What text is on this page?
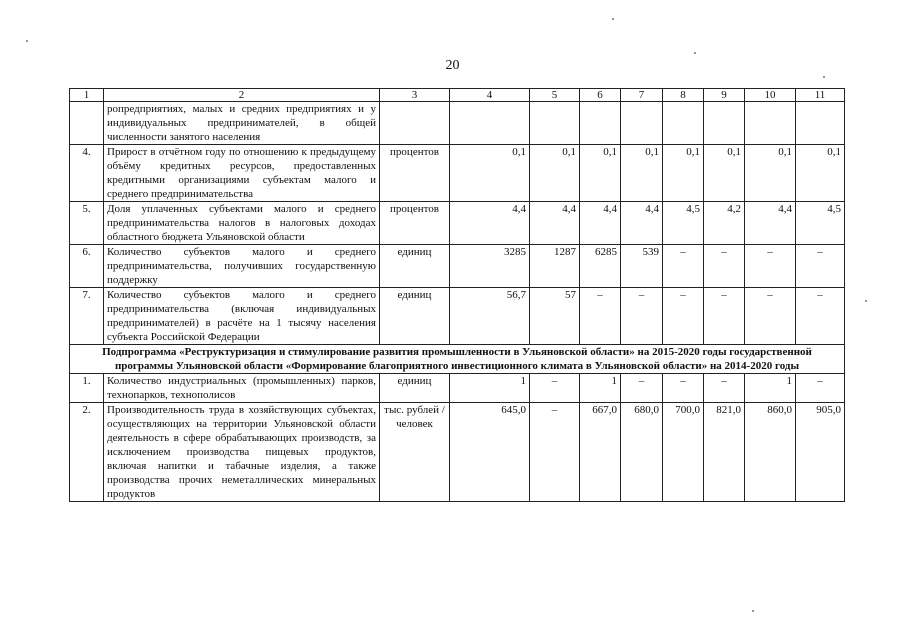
20
1	2	3	4	5	6	7	8	9	10	11
	ропредприятиях, малых и средних предприятиях и у индивидуальных предпринимателей, в общей численности занятого населения									
4.	Прирост в отчётном году по отношению к предыдущему объёму кредитных ресурсов, предоставленных кредитными организациями субъектам малого и среднего предпринимательства	процентов	0,1	0,1	0,1	0,1	0,1	0,1	0,1	0,1
5.	Доля уплаченных субъектами малого и среднего предпринимательства налогов в налоговых доходах областного бюджета Ульяновской области	процентов	4,4	4,4	4,4	4,4	4,5	4,2	4,4	4,5
6.	Количество субъектов малого и среднего предпринимательства, получивших государственную поддержку	единиц	3285	1287	6285	539	–	–	–	–
7.	Количество субъектов малого и среднего предпринимательства (включая индивидуальных предпринимателей) в расчёте на 1 тысячу населения субъекта Российской Федерации	единиц	56,7	57	–	–	–	–	–	–
Подпрограмма «Реструктуризация и стимулирование развития промышленности в Ульяновской области» на 2015-2020 годы государственной программы Ульяновской области «Формирование благоприятного инвестиционного климата в Ульяновской области» на 2014-2020 годы										
1.	Количество индустриальных (промышленных) парков, технопарков, технополисов	единиц	1	–	1	–	–	–	1	–
2.	Производительность труда в хозяйствующих субъектах, осуществляющих на территории Ульяновской области деятельность в сфере обрабатывающих производств, за исключением производства пищевых продуктов, включая напитки и табачные изделия, а также производства прочих неметаллических минеральных продуктов	тыс. рублей / человек	645,0	–	667,0	680,0	700,0	821,0	860,0	905,0
